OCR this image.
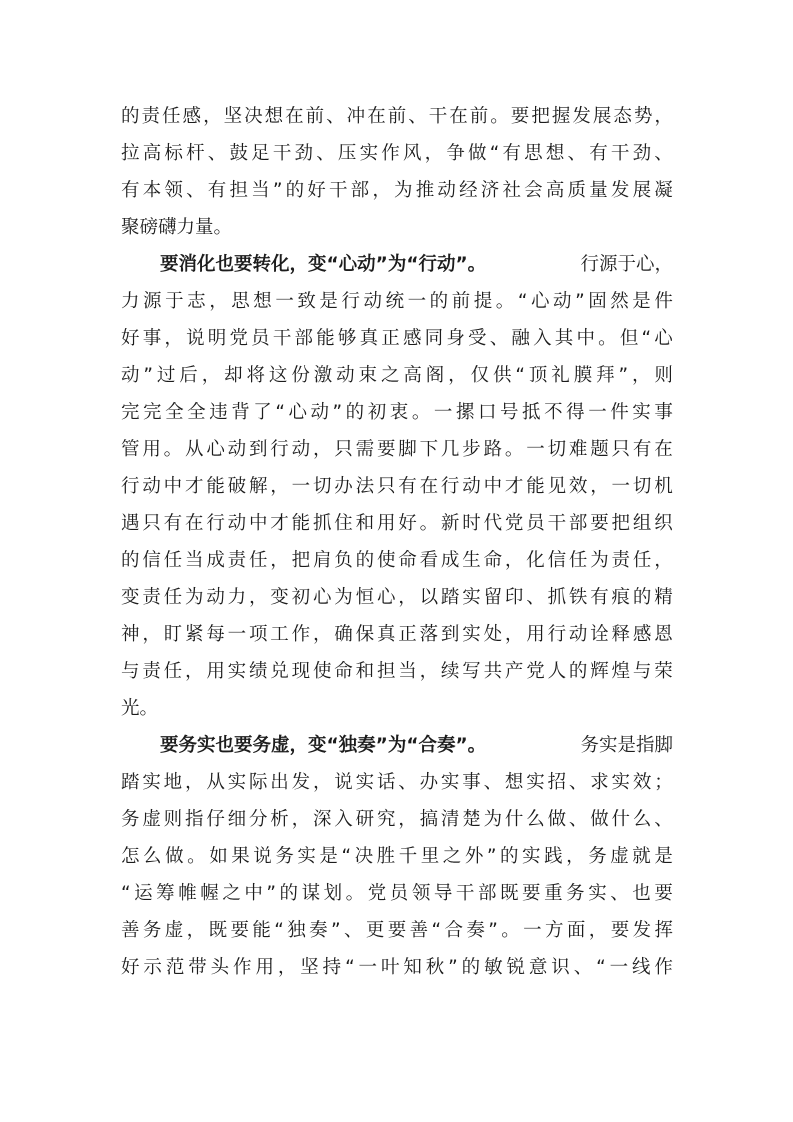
的 责 任 感 ， 坚 决 想 在 前 、 冲 在 前 、 干 在 前 。 要 把 握 发 展 态 势 ，
拉 高 标 杆 、 鼓 足 干 劲 、 压 实 作 风 ， 争 做 “ 有 思 想 、 有 干 劲 、
有 本 领 、 有 担 当 ” 的 好 干 部 ， 为 推 动 经 济 社 会 高 质 量 发 展 凝
聚磅礴力量。
要消化也要转化，变“心动”为“行动”。	行源于心，
力 源 于 志 ， 思 想 一 致 是 行 动 统 一 的 前 提 。 “ 心 动 ” 固 然 是 件
好 事 ， 说 明 党 员 干 部 能 够 真 正 感 同 身 受 、 融 入 其 中 。 但 “ 心
动 ” 过 后 ， 却 将 这 份 激 动 束 之 高 阁 ， 仅 供 “ 顶 礼 膜 拜 ” ， 则
完 完 全 全 违 背 了 “ 心 动 ” 的 初 衷 。 一 摞 口 号 抵 不 得 一 件 实 事
管 用 。 从 心 动 到 行 动 ， 只 需 要 脚 下 几 步 路 。 一 切 难 题 只 有 在
行 动 中 才 能 破 解 ， 一 切 办 法 只 有 在 行 动 中 才 能 见 效 ， 一 切 机
遇 只 有 在 行 动 中 才 能 抓 住 和 用 好 。 新 时 代 党 员 干 部 要 把 组 织
的 信 任 当 成 责 任 ， 把 肩 负 的 使 命 看 成 生 命 ， 化 信 任 为 责 任 ，
变 责 任 为 动 力 ， 变 初 心 为 恒 心 ， 以 踏 实 留 印 、 抓 铁 有 痕 的 精
神 ， 盯 紧 每 一 项 工 作 ， 确 保 真 正 落 到 实 处 ， 用 行 动 诠 释 感 恩
与 责 任 ， 用 实 绩 兑 现 使 命 和 担 当 ， 续 写 共 产 党 人 的 辉 煌 与 荣
光。
要务实也要务虚，变“独奏”为“合奏”。	务实是指脚
踏 实 地 ， 从 实 际 出 发 ， 说 实 话 、 办 实 事 、 想 实 招 、 求 实 效 ；
务 虚 则 指 仔 细 分 析 ， 深 入 研 究 ， 搞 清 楚 为 什 么 做 、 做 什 么 、
怎 么 做 。 如 果 说 务 实 是 “ 决 胜 千 里 之 外 ” 的 实 践 ， 务 虚 就 是
“ 运 筹 帷 幄 之 中 ” 的 谋 划 。 党 员 领 导 干 部 既 要 重 务 实 、 也 要
善 务 虚 ， 既 要 能 “ 独 奏 ” 、 更 要 善 “ 合 奏 ” 。 一 方 面 ， 要 发 挥
好 示 范 带 头 作 用 ， 坚 持 “ 一 叶 知 秋 ” 的 敏 锐 意 识 、 “ 一 线 作
